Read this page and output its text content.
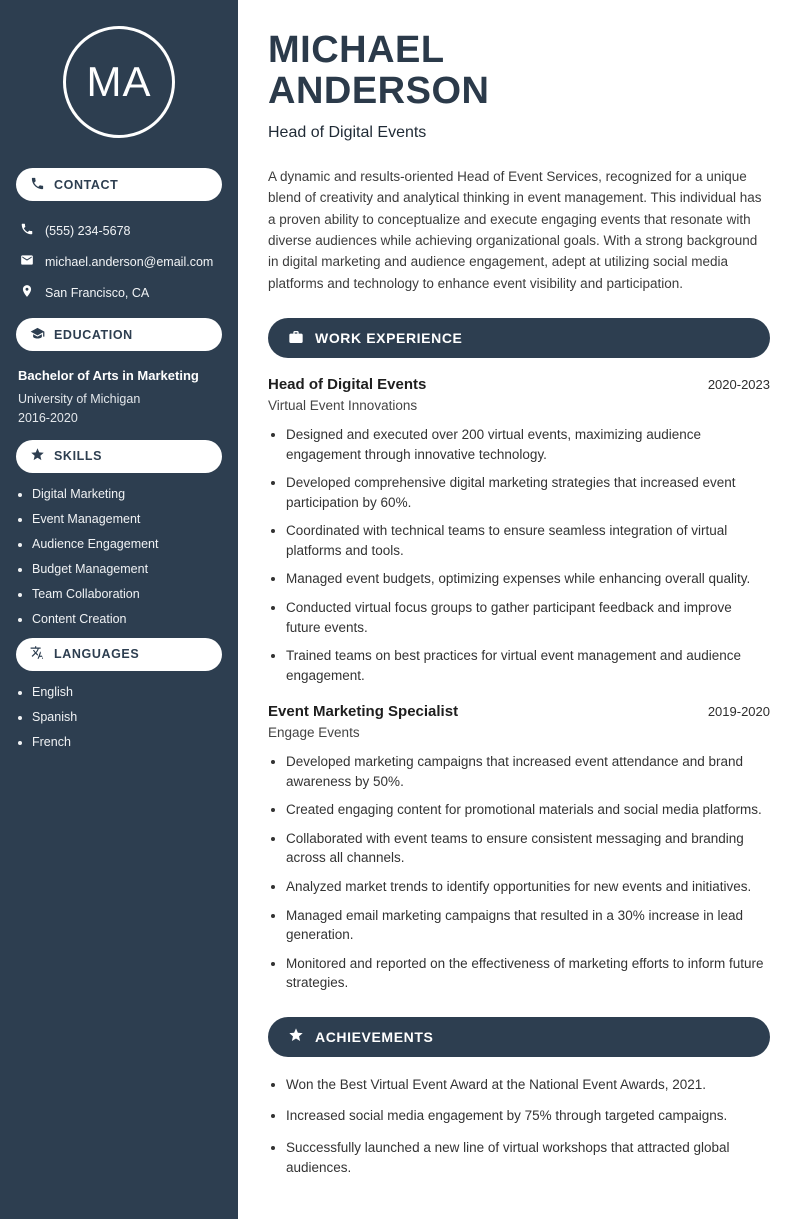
MA
CONTACT
(555) 234-5678
michael.anderson@email.com
San Francisco, CA
EDUCATION
Bachelor of Arts in Marketing
University of Michigan
2016-2020
SKILLS
• Digital Marketing
• Event Management
• Audience Engagement
• Budget Management
• Team Collaboration
• Content Creation
LANGUAGES
• English
• Spanish
• French
MICHAEL
ANDERSON
Head of Digital Events

A dynamic and results-oriented Head of Event Services, recognized for a unique blend of creativity and analytical thinking in event management. This individual has a proven ability to conceptualize and execute engaging events that resonate with diverse audiences while achieving organizational goals. With a strong background in digital marketing and audience engagement, adept at utilizing social media platforms and technology to enhance event visibility and participation.

WORK EXPERIENCE
Head of Digital Events	2020-2023
Virtual Event Innovations
• Designed and executed over 200 virtual events, maximizing audience engagement through innovative technology.
• Developed comprehensive digital marketing strategies that increased event participation by 60%.
• Coordinated with technical teams to ensure seamless integration of virtual platforms and tools.
• Managed event budgets, optimizing expenses while enhancing overall quality.
• Conducted virtual focus groups to gather participant feedback and improve future events.
• Trained teams on best practices for virtual event management and audience engagement.
Event Marketing Specialist	2019-2020
Engage Events
• Developed marketing campaigns that increased event attendance and brand awareness by 50%.
• Created engaging content for promotional materials and social media platforms.
• Collaborated with event teams to ensure consistent messaging and branding across all channels.
• Analyzed market trends to identify opportunities for new events and initiatives.
• Managed email marketing campaigns that resulted in a 30% increase in lead generation.
• Monitored and reported on the effectiveness of marketing efforts to inform future strategies.
ACHIEVEMENTS
• Won the Best Virtual Event Award at the National Event Awards, 2021.
• Increased social media engagement by 75% through targeted campaigns.
• Successfully launched a new line of virtual workshops that attracted global audiences.
